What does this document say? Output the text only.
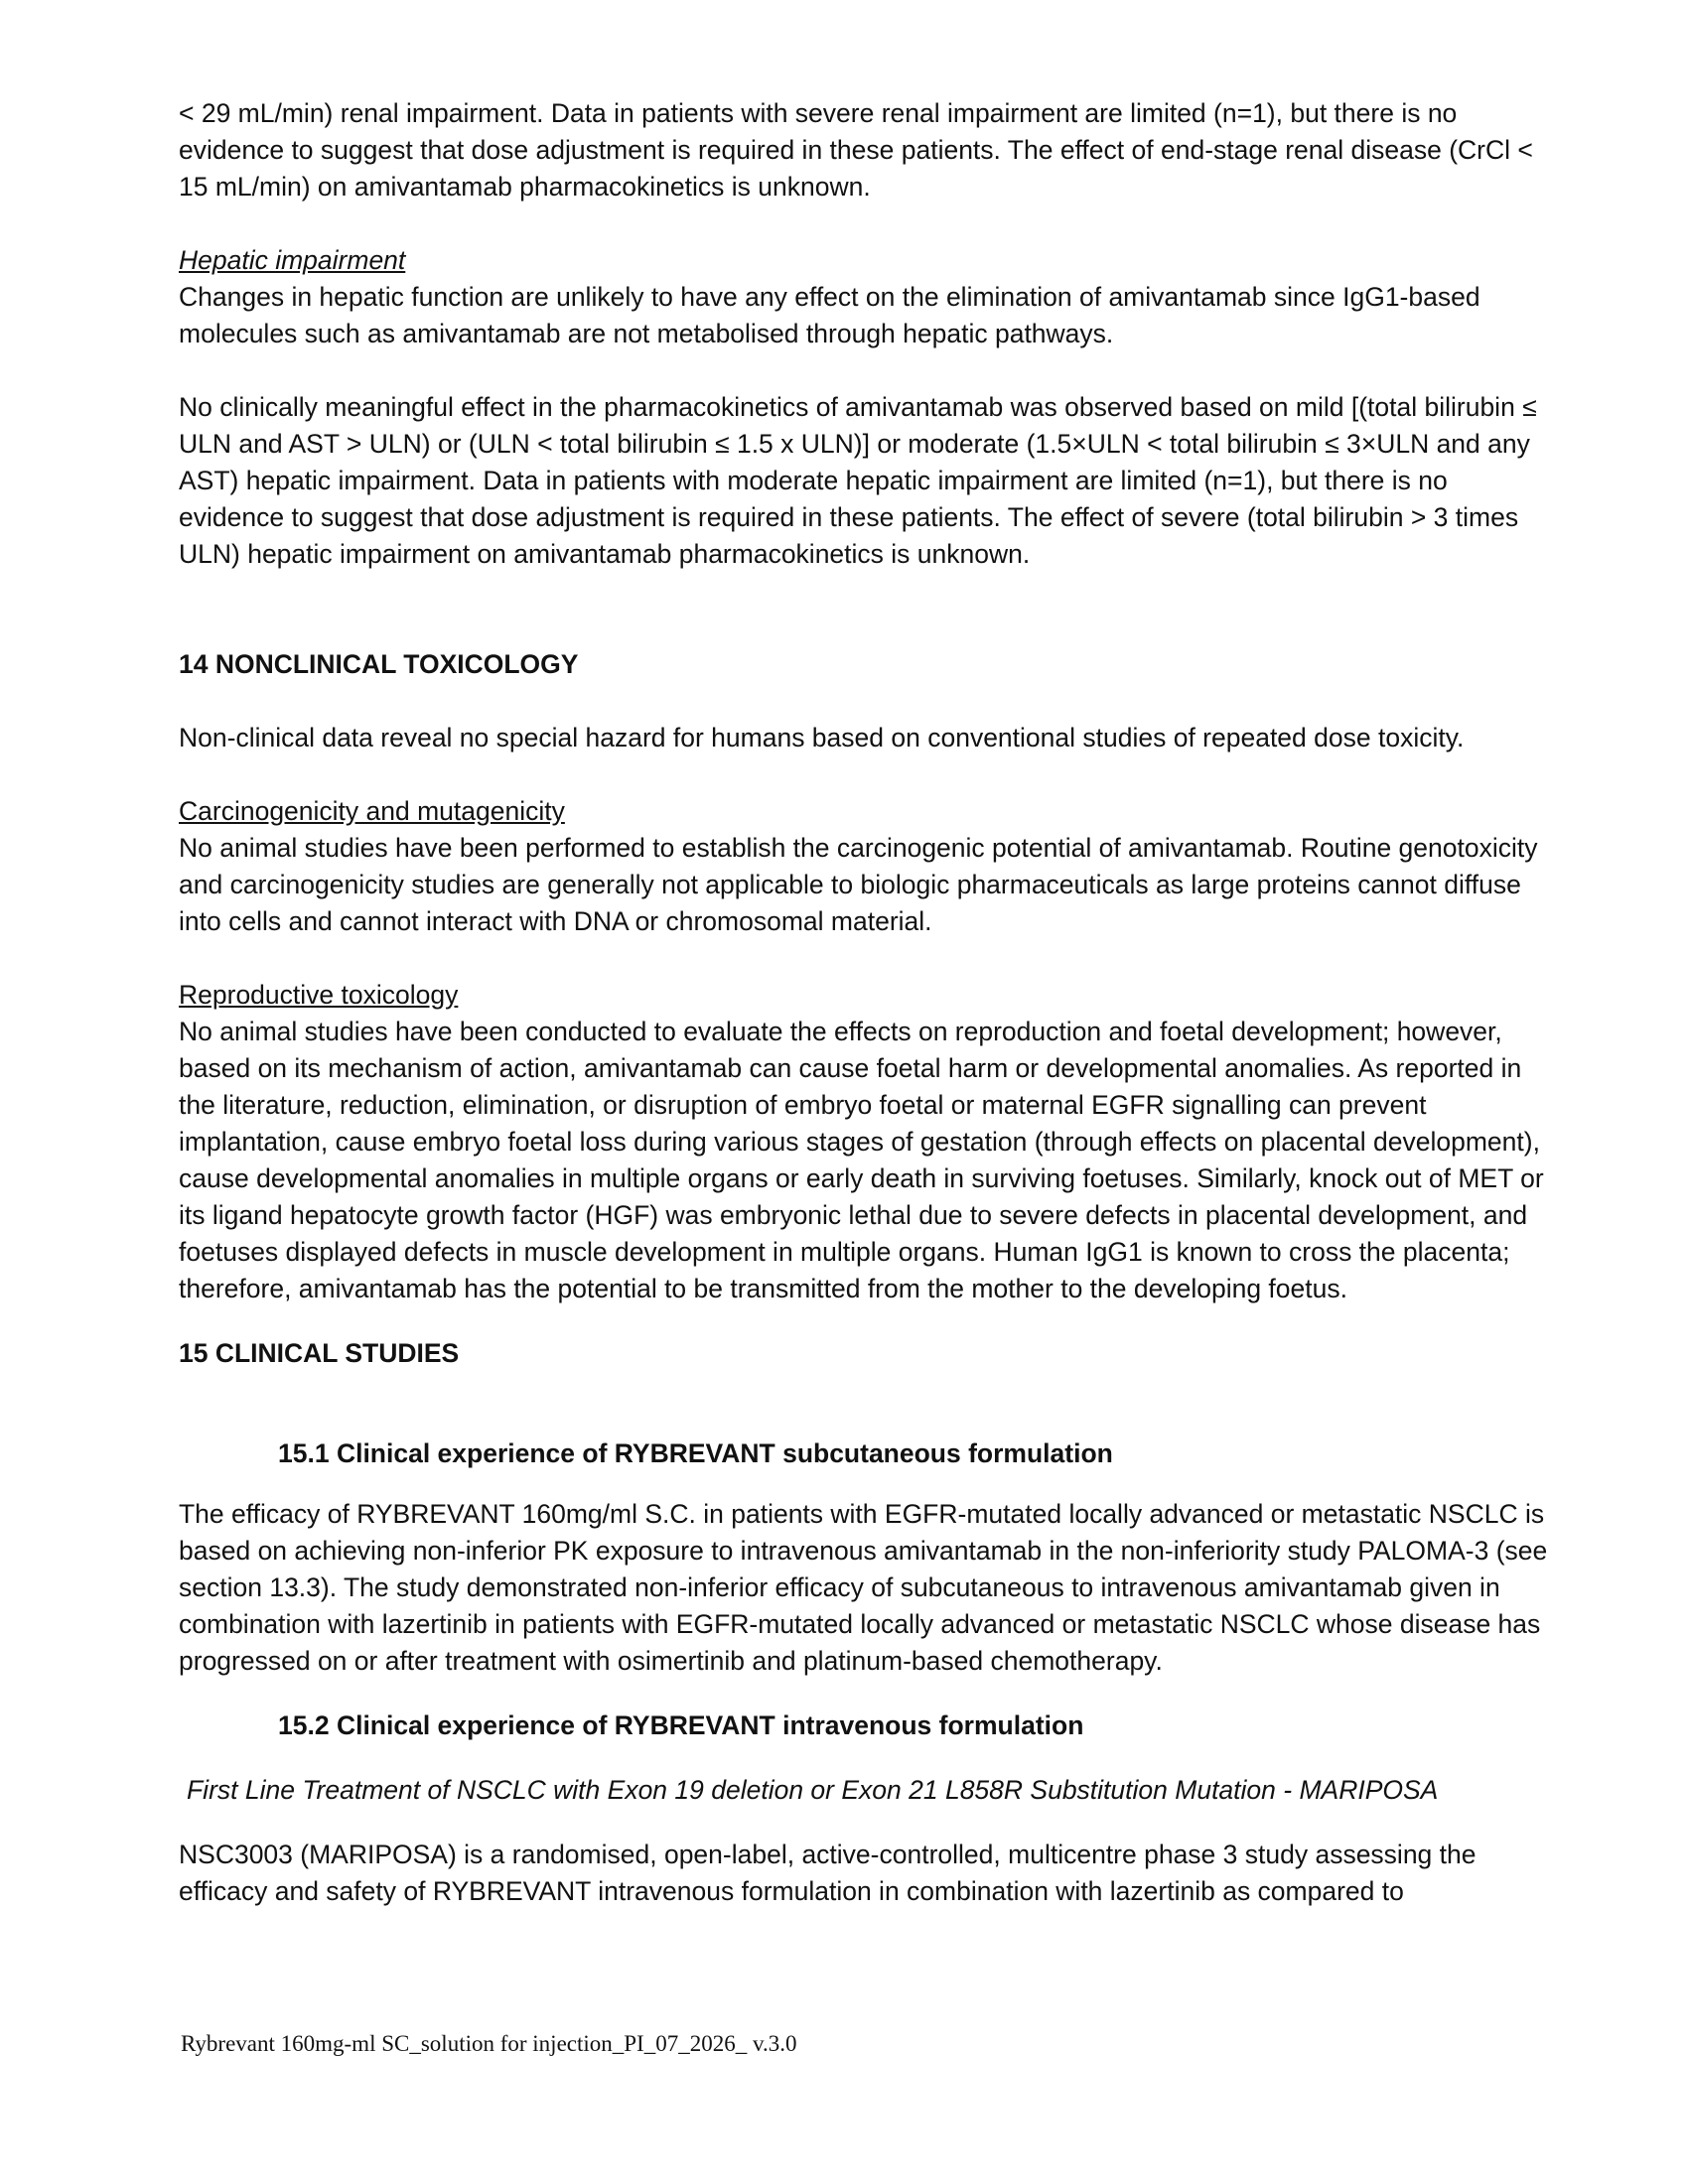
< 29 mL/min) renal impairment. Data in patients with severe renal impairment are limited (n=1), but there is no evidence to suggest that dose adjustment is required in these patients. The effect of end-stage renal disease (CrCl < 15 mL/min) on amivantamab pharmacokinetics is unknown.

Hepatic impairment

Changes in hepatic function are unlikely to have any effect on the elimination of amivantamab since IgG1-based molecules such as amivantamab are not metabolised through hepatic pathways.

No clinically meaningful effect in the pharmacokinetics of amivantamab was observed based on mild [(total bilirubin ≤ ULN and AST > ULN) or (ULN < total bilirubin ≤ 1.5 x ULN)] or moderate (1.5×ULN < total bilirubin ≤ 3×ULN and any AST) hepatic impairment. Data in patients with moderate hepatic impairment are limited (n=1), but there is no evidence to suggest that dose adjustment is required in these patients. The effect of severe (total bilirubin > 3 times ULN) hepatic impairment on amivantamab pharmacokinetics is unknown.

14 NONCLINICAL TOXICOLOGY

Non-clinical data reveal no special hazard for humans based on conventional studies of repeated dose toxicity.

Carcinogenicity and mutagenicity

No animal studies have been performed to establish the carcinogenic potential of amivantamab. Routine genotoxicity and carcinogenicity studies are generally not applicable to biologic pharmaceuticals as large proteins cannot diffuse into cells and cannot interact with DNA or chromosomal material.

Reproductive toxicology

No animal studies have been conducted to evaluate the effects on reproduction and foetal development; however, based on its mechanism of action, amivantamab can cause foetal harm or developmental anomalies. As reported in the literature, reduction, elimination, or disruption of embryo foetal or maternal EGFR signalling can prevent implantation, cause embryo foetal loss during various stages of gestation (through effects on placental development), cause developmental anomalies in multiple organs or early death in surviving foetuses. Similarly, knock out of MET or its ligand hepatocyte growth factor (HGF) was embryonic lethal due to severe defects in placental development, and foetuses displayed defects in muscle development in multiple organs. Human IgG1 is known to cross the placenta; therefore, amivantamab has the potential to be transmitted from the mother to the developing foetus.

15 CLINICAL STUDIES

15.1 Clinical experience of RYBREVANT subcutaneous formulation

The efficacy of RYBREVANT 160mg/ml S.C. in patients with EGFR-mutated locally advanced or metastatic NSCLC is based on achieving non-inferior PK exposure to intravenous amivantamab in the non-inferiority study PALOMA-3 (see section 13.3). The study demonstrated non-inferior efficacy of subcutaneous to intravenous amivantamab given in combination with lazertinib in patients with EGFR-mutated locally advanced or metastatic NSCLC whose disease has progressed on or after treatment with osimertinib and platinum-based chemotherapy.

15.2 Clinical experience of RYBREVANT intravenous formulation

First Line Treatment of NSCLC with Exon 19 deletion or Exon 21 L858R Substitution Mutation - MARIPOSA

NSC3003 (MARIPOSA) is a randomised, open-label, active-controlled, multicentre phase 3 study assessing the efficacy and safety of RYBREVANT intravenous formulation in combination with lazertinib as compared to

Rybrevant 160mg-ml SC_solution for injection_PI_07_2026_ v.3.0
